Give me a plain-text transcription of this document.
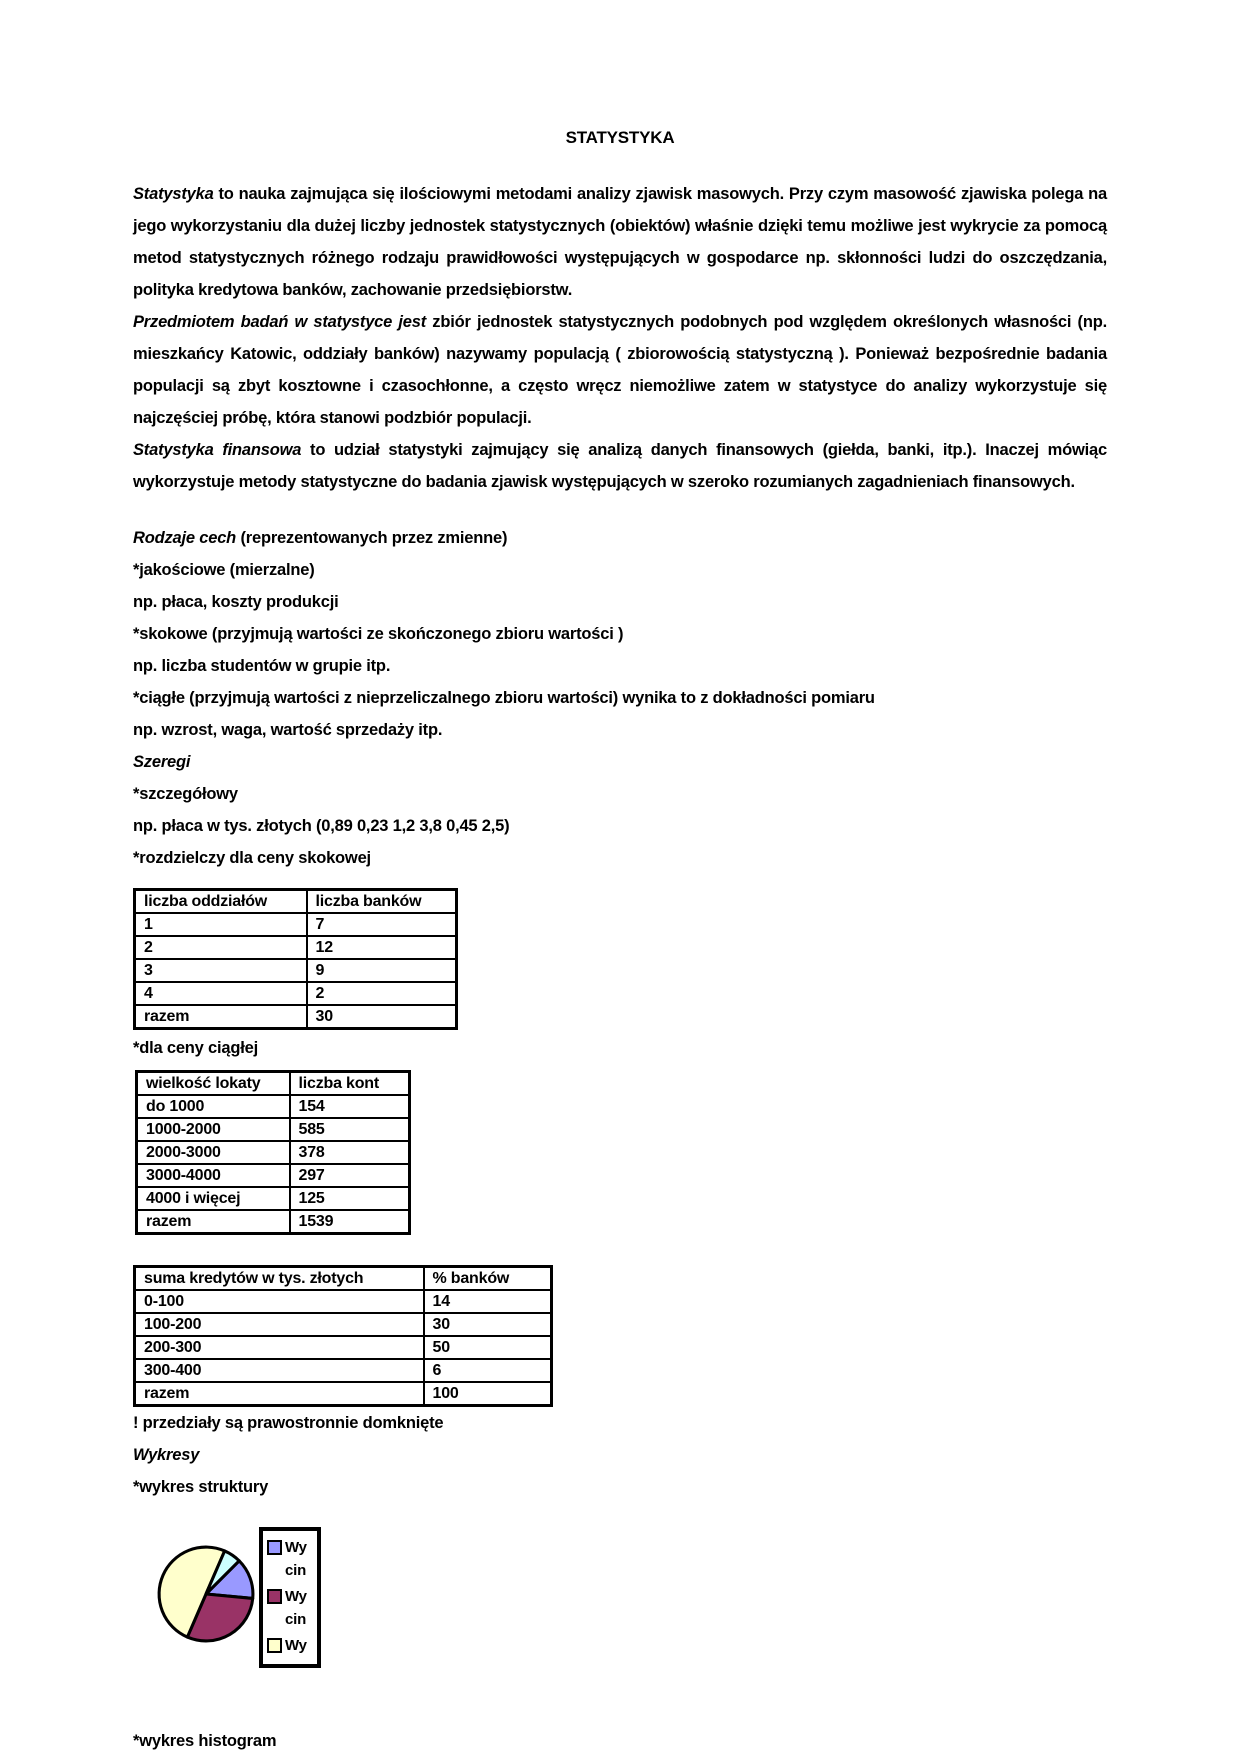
STATYSTYKA

Statystyka to nauka zajmująca się ilościowymi metodami analizy zjawisk masowych. Przy czym masowość zjawiska polega na jego wykorzystaniu dla dużej liczby jednostek statystycznych (obiektów) właśnie dzięki temu możliwe jest wykrycie za pomocą metod statystycznych różnego rodzaju prawidłowości występujących w gospodarce np. skłonności ludzi do oszczędzania, polityka kredytowa banków, zachowanie przedsiębiorstw.

Przedmiotem badań w statystyce jest zbiór jednostek statystycznych podobnych pod względem określonych własności (np. mieszkańcy Katowic, oddziały banków) nazywamy populacją ( zbiorowością statystyczną ). Ponieważ bezpośrednie badania populacji są zbyt kosztowne i czasochłonne, a często wręcz niemożliwe zatem w statystyce do analizy wykorzystuje się najczęściej próbę, która stanowi podzbiór populacji.

Statystyka finansowa to udział statystyki zajmujący się analizą danych finansowych (giełda, banki, itp.). Inaczej mówiąc wykorzystuje metody statystyczne do badania zjawisk występujących w szeroko rozumianych zagadnieniach finansowych.

Rodzaje cech (reprezentowanych przez zmienne)
*jakościowe (mierzalne)
np. płaca, koszty produkcji
*skokowe (przyjmują wartości ze skończonego zbioru wartości )
np. liczba studentów w grupie itp.
*ciągłe (przyjmują wartości z nieprzeliczalnego zbioru wartości) wynika to z dokładności pomiaru
np. wzrost, waga, wartość sprzedaży itp.
Szeregi
*szczegółowy
np. płaca w tys. złotych (0,89 0,23 1,2 3,8 0,45 2,5)
*rozdzielczy dla ceny skokowej
liczba oddziałów	liczba banków
1	7
2	12
3	9
4	2
razem	30
*dla ceny ciągłej
wielkość lokaty	liczba kont
do 1000	154
1000-2000	585
2000-3000	378
3000-4000	297
4000 i więcej	125
razem	1539
suma kredytów w tys. złotych	% banków
0-100	14
100-200	30
200-300	50
300-400	6
razem	100
! przedziały są prawostronnie domknięte
Wykresy
*wykres struktury
Wy cin
Wy cin
Wy
*wykres histogram
